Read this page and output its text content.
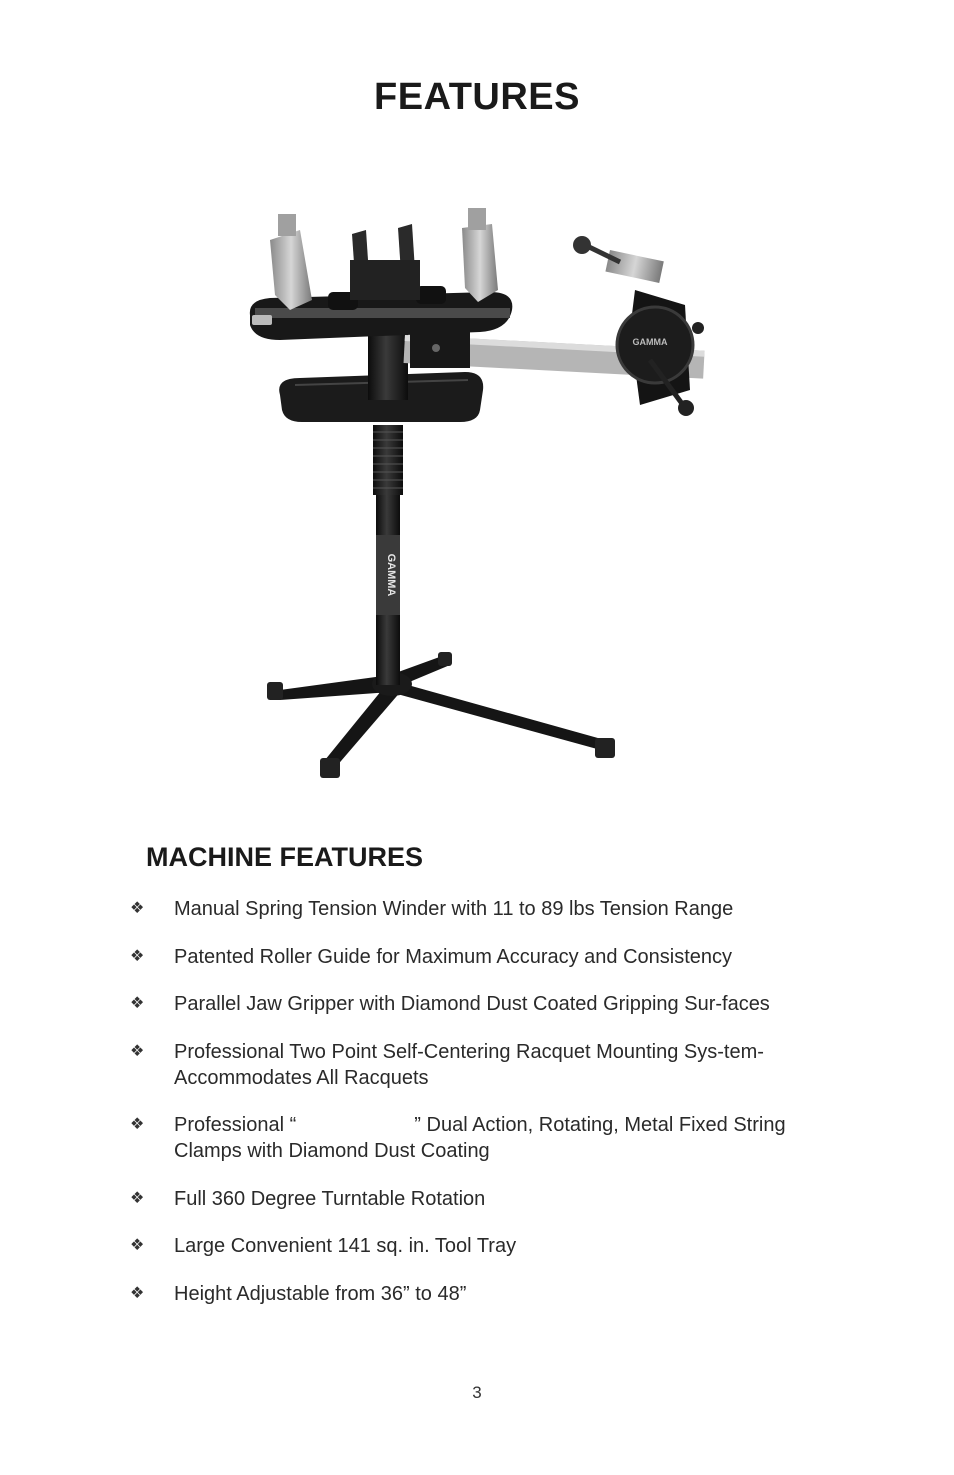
FEATURES
GAMMA
GAMMA
MACHINE FEATURES
❖ Manual Spring Tension Winder with 11 to 89 lbs Tension Range
❖ Patented Roller Guide for Maximum Accuracy and Consistency
❖ Parallel Jaw Gripper with Diamond Dust Coated Gripping Sur-faces
❖ Professional Two Point Self-Centering Racquet Mounting Sys-tem- Accommodates All Racquets
❖ Professional “	” Dual Action, Rotating, Metal Fixed String Clamps with Diamond Dust Coating
❖ Full 360 Degree Turntable Rotation
❖ Large Convenient 141 sq. in. Tool Tray
❖ Height Adjustable from 36” to 48”
3
